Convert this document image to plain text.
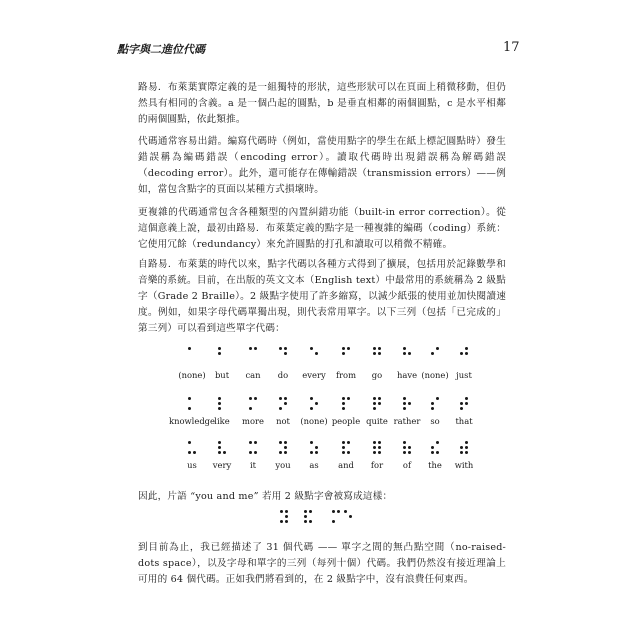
點字與二進位代碼	17

路易．布萊葉實際定義的是一組獨特的形狀，這些形狀可以在頁面上稍微移動，但仍然具有相同的含義。a 是一個凸起的圓點，b 是垂直相鄰的兩個圓點，c 是水平相鄰的兩個圓點，依此類推。

代碼通常容易出錯。編寫代碼時（例如，當使用點字的學生在紙上標記圓點時）發生錯誤稱為編碼錯誤（encoding error）。讀取代碼時出現錯誤稱為解碼錯誤（decoding error）。此外，還可能存在傳輸錯誤（transmission errors）——例如，當包含點字的頁面以某種方式損壞時。

更複雜的代碼通常包含各種類型的內置糾錯功能（built-in error correction）。從這個意義上說，最初由路易．布萊葉定義的點字是一種複雜的編碼（coding）系統：它使用冗餘（redundancy）來允許圓點的打孔和讀取可以稍微不精確。

自路易．布萊葉的時代以來，點字代碼以各種方式得到了擴展，包括用於記錄數學和音樂的系統。目前，在出版的英文文本（English text）中最常用的系統稱為 2 級點字（Grade 2 Braille）。2 級點字使用了許多縮寫，以減少紙張的使用並加快閱讀速度。例如，如果字母代碼單獨出現，則代表常用單字。以下三列（包括「已完成的」第三列）可以看到這些單字代碼：

(none) but can do every from go have (none) just
knowledge like more not (none) people quite rather so that
us very it you as and for of the with

因此，片語 “you and me” 若用 2 級點字會被寫成這樣：

到目前為止，我已經描述了 31 個代碼 —— 單字之間的無凸點空間（no-raised-dots space），以及字母和單字的三列（每列十個）代碼。我們仍然沒有接近理論上可用的 64 個代碼。正如我們將看到的，在 2 級點字中，沒有浪費任何東西。
